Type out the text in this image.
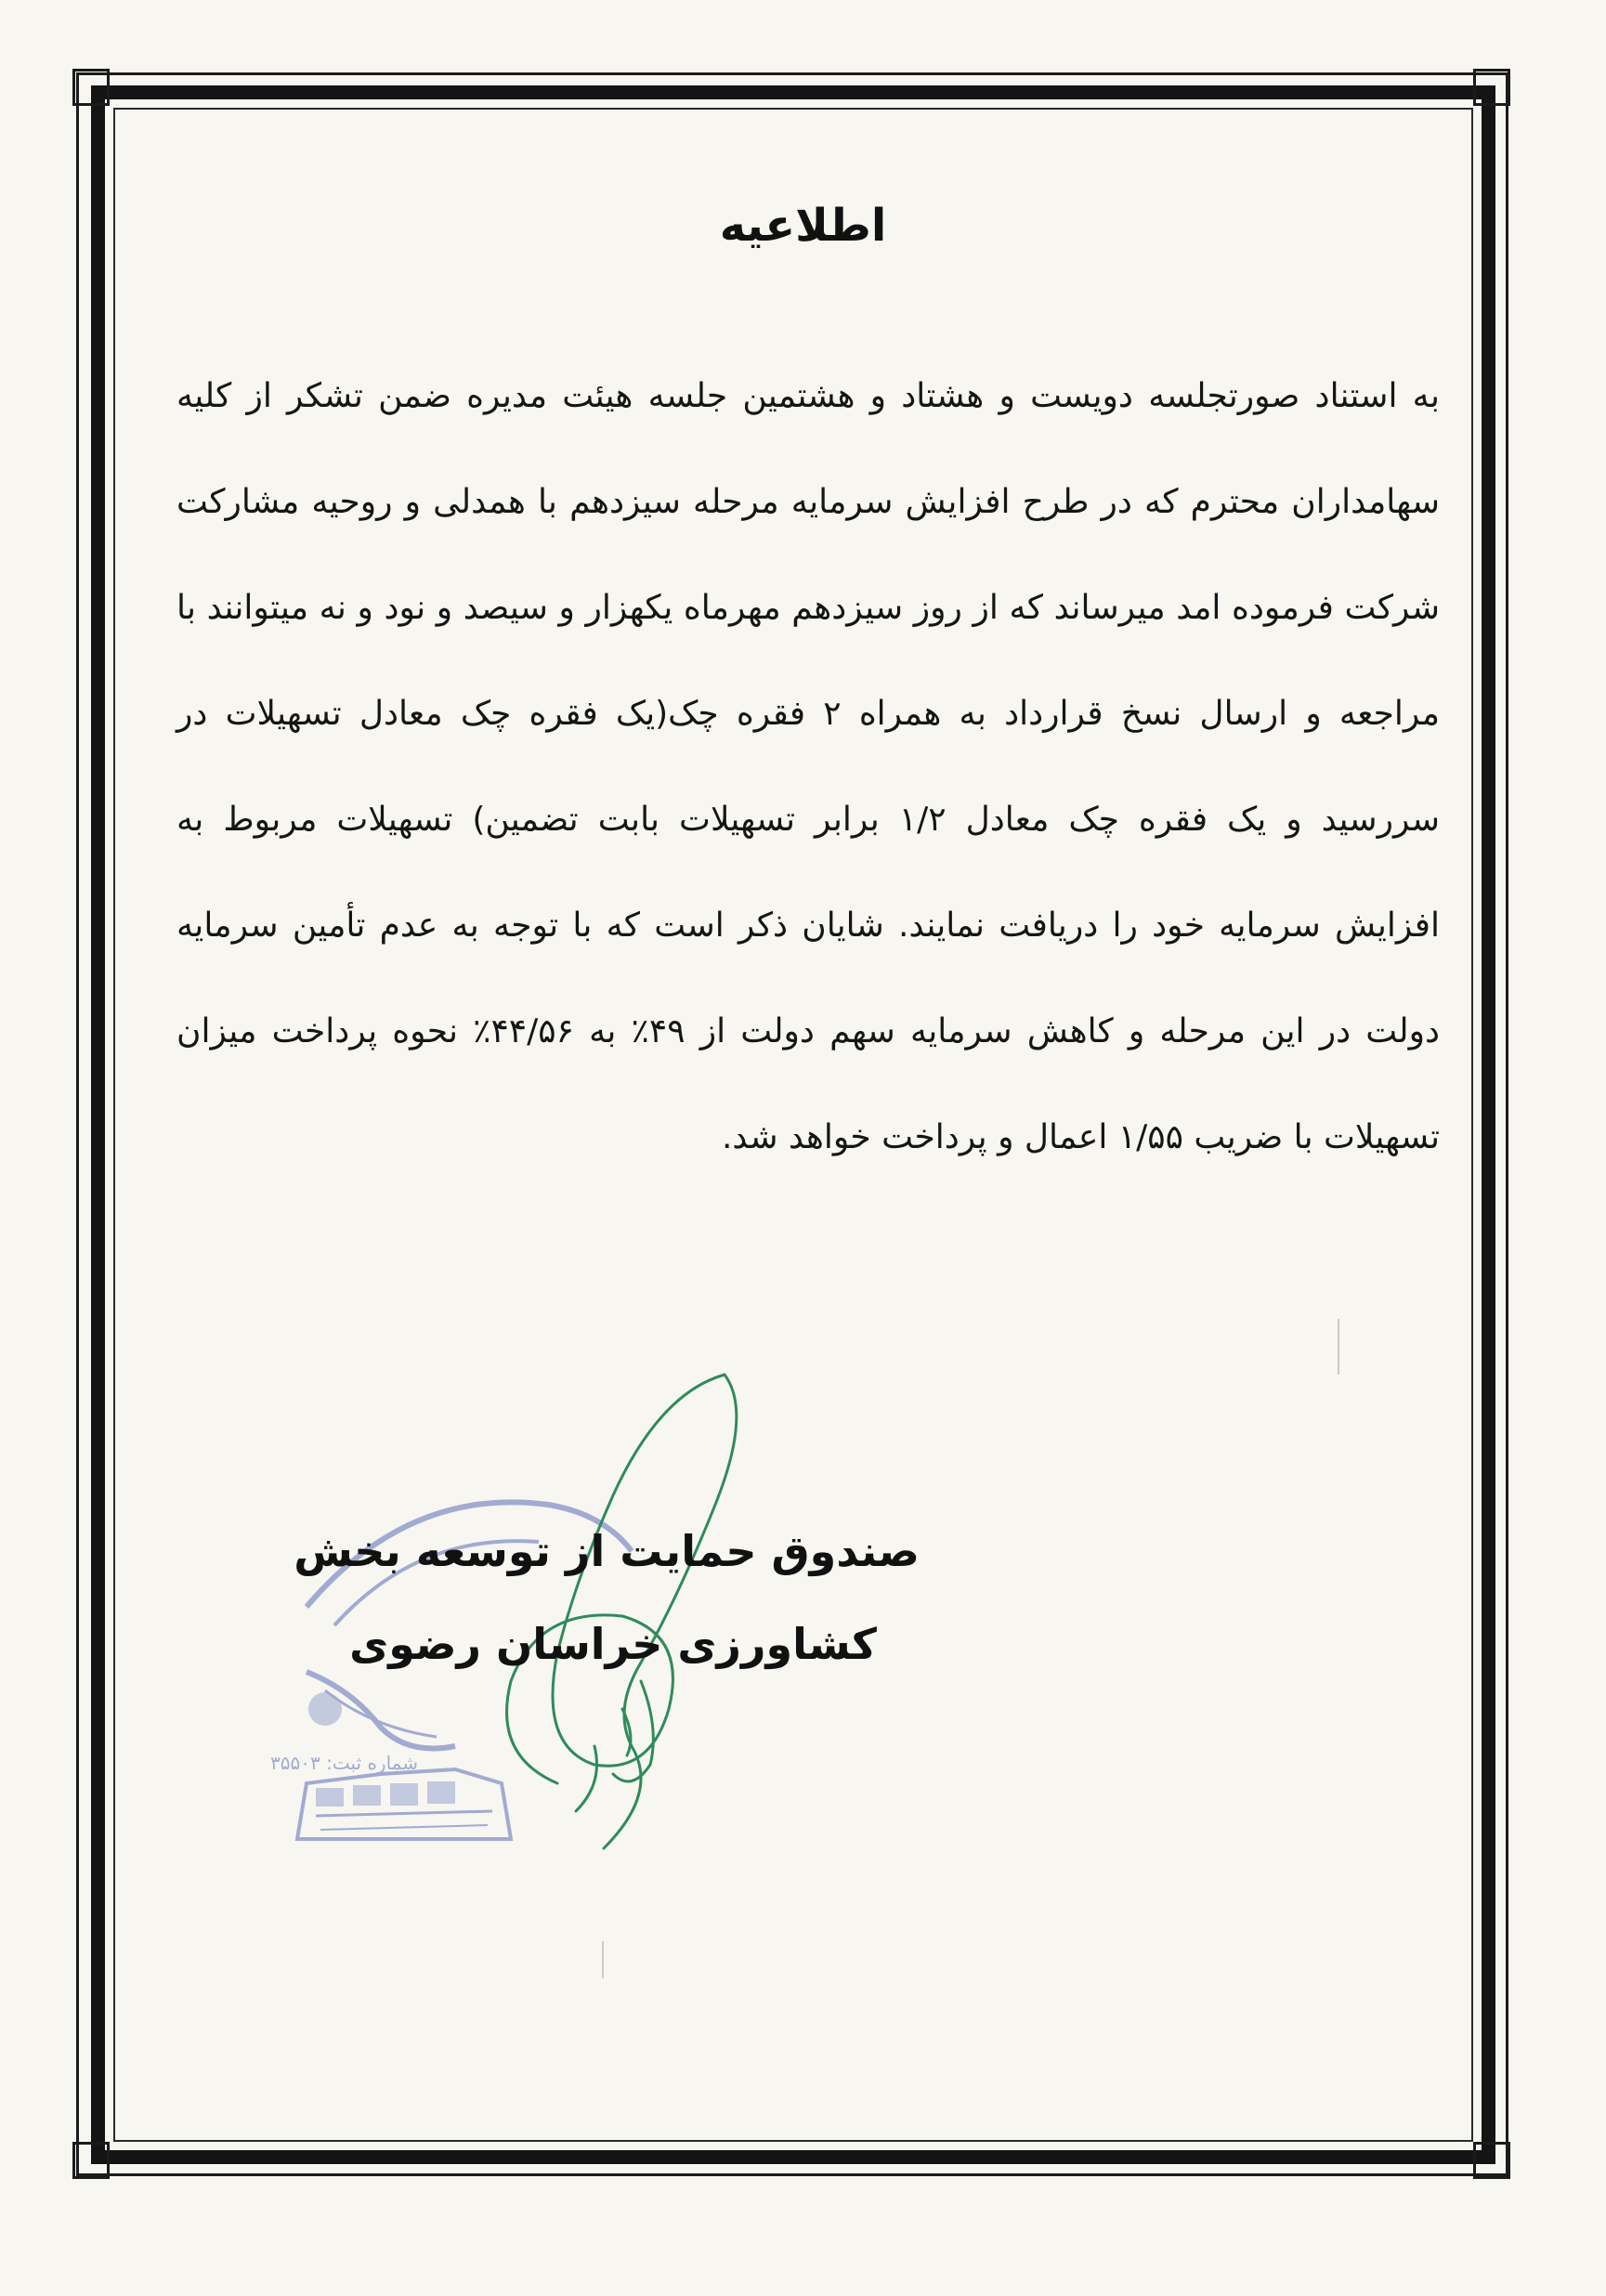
اطلاعیه
به استناد صورتجلسه دویست و هشتاد و هشتمین جلسه هیئت مدیره ضمن تشکر از کلیه سهامداران محترم که در طرح افزایش سرمایه مرحله سیزدهم با همدلی و روحیه مشارکت شرکت فرموده امد میرساند که از روز سیزدهم مهرماه یکهزار و سیصد و نود و نه میتوانند با مراجعه و ارسال نسخ قرارداد به همراه ۲ فقره چک(یک فقره چک معادل تسهیلات در سررسید و یک فقره چک معادل ۱/۲ برابر تسهیلات بابت تضمین) تسهیلات مربوط به افزایش سرمایه خود را دریافت نمایند. شایان ذکر است که با توجه به عدم تأمین سرمایه دولت در این مرحله و کاهش سرمایه سهم دولت از ۴۹٪ به ۴۴/۵۶٪ نحوه پرداخت میزان تسهیلات با ضریب ۱/۵۵ اعمال و پرداخت خواهد شد.
شماره ثبت: ۳۵۵۰۳
صندوق حمایت از توسعه بخش
کشاورزی خراسان رضوی
